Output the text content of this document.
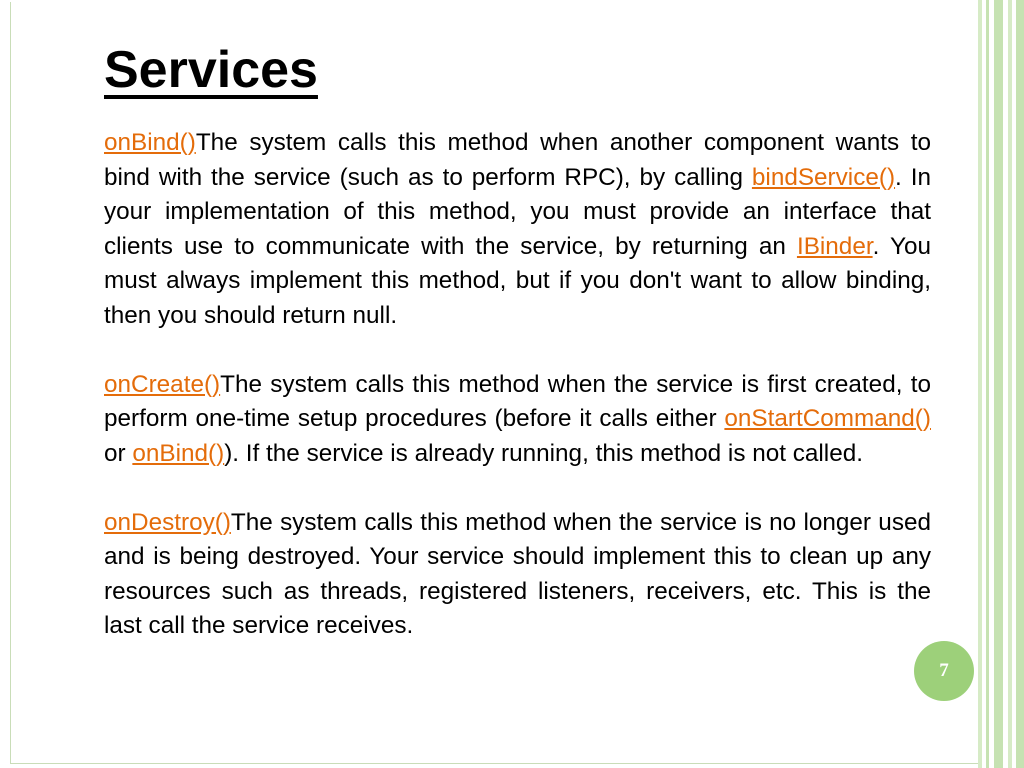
Services

onBind()The system calls this method when another component wants to bind with the service (such as to perform RPC), by calling bindService(). In your implementation of this method, you must provide an interface that clients use to communicate with the service, by returning an IBinder. You must always implement this method, but if you don't want to allow binding, then you should return null.

onCreate()The system calls this method when the service is first created, to perform one-time setup procedures (before it calls either onStartCommand() or onBind()). If the service is already running, this method is not called.

onDestroy()The system calls this method when the service is no longer used and is being destroyed. Your service should implement this to clean up any resources such as threads, registered listeners, receivers, etc. This is the last call the service receives.

7
